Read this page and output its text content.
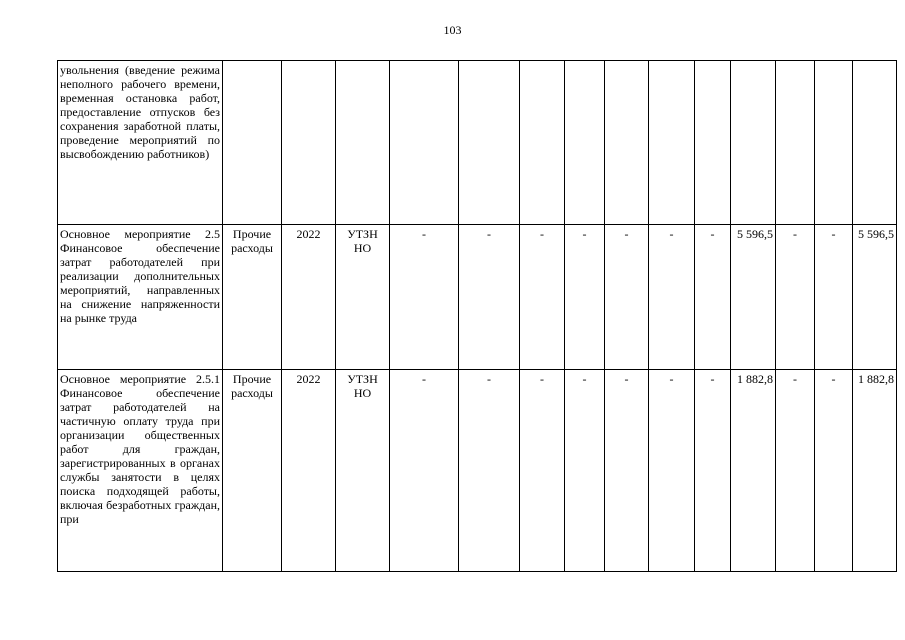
103
увольнения (введение режима неполного рабочего времени, временная остановка работ, предоставление отпусков без сохранения заработной платы, проведение мероприятий по высвобождению работников)														
Основное мероприятие 2.5 Финансовое обеспечение затрат работодателей при реализации дополнительных мероприятий, направленных на снижение напряженности на рынке труда	Прочие расходы	2022	УТЗН НО	-	-	-	-	-	-	-	5 596,5	-	-	5 596,5
Основное мероприятие 2.5.1 Финансовое обеспечение затрат работодателей на частичную оплату труда при организации общественных работ для граждан, зарегистрированных в органах службы занятости в целях поиска подходящей работы, включая безработных граждан, при	Прочие расходы	2022	УТЗН НО	-	-	-	-	-	-	-	1 882,8	-	-	1 882,8
